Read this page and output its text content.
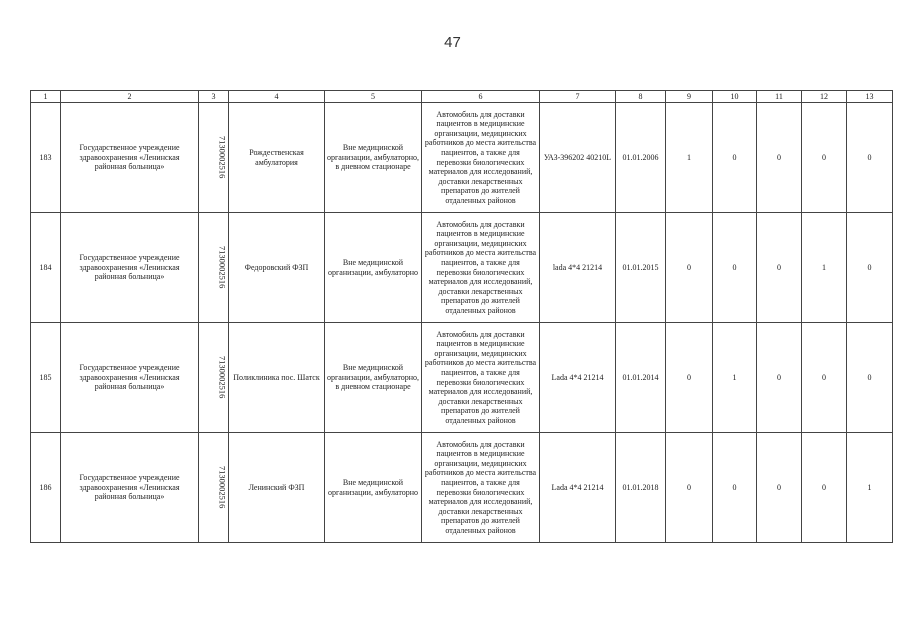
47
1	2	3	4	5	6	7	8	9	10	11	12	13
183	Государственное учреждение здравоохранения «Ленинская районная больница»	7130002516	Рождественская амбулатория	Вне медицинской организации, амбулаторно, в дневном стационаре	Автомобиль для доставки пациентов в медицинские организации, медицинских работников до места жительства пациентов, а также для перевозки биологических материалов для исследований, доставки лекарственных препаратов до жителей отдаленных районов	УАЗ-396202 40210L	01.01.2006	1	0	0	0	0
184	Государственное учреждение здравоохранения «Ленинская районная больница»	7130002516	Федоровский ФЗП	Вне медицинской организации, амбулаторно	Автомобиль для доставки пациентов в медицинские организации, медицинских работников до места жительства пациентов, а также для перевозки биологических материалов для исследований, доставки лекарственных препаратов до жителей отдаленных районов	lada 4*4 21214	01.01.2015	0	0	0	1	0
185	Государственное учреждение здравоохранения «Ленинская районная больница»	7130002516	Поликлиника пос. Шатск	Вне медицинской организации, амбулаторно, в дневном стационаре	Автомобиль для доставки пациентов в медицинские организации, медицинских работников до места жительства пациентов, а также для перевозки биологических материалов для исследований, доставки лекарственных препаратов до жителей отдаленных районов	Lada 4*4 21214	01.01.2014	0	1	0	0	0
186	Государственное учреждение здравоохранения «Ленинская районная больница»	7130002516	Ленинский ФЗП	Вне медицинской организации, амбулаторно	Автомобиль для доставки пациентов в медицинские организации, медицинских работников до места жительства пациентов, а также для перевозки биологических материалов для исследований, доставки лекарственных препаратов до жителей отдаленных районов	Lada 4*4 21214	01.01.2018	0	0	0	0	1
